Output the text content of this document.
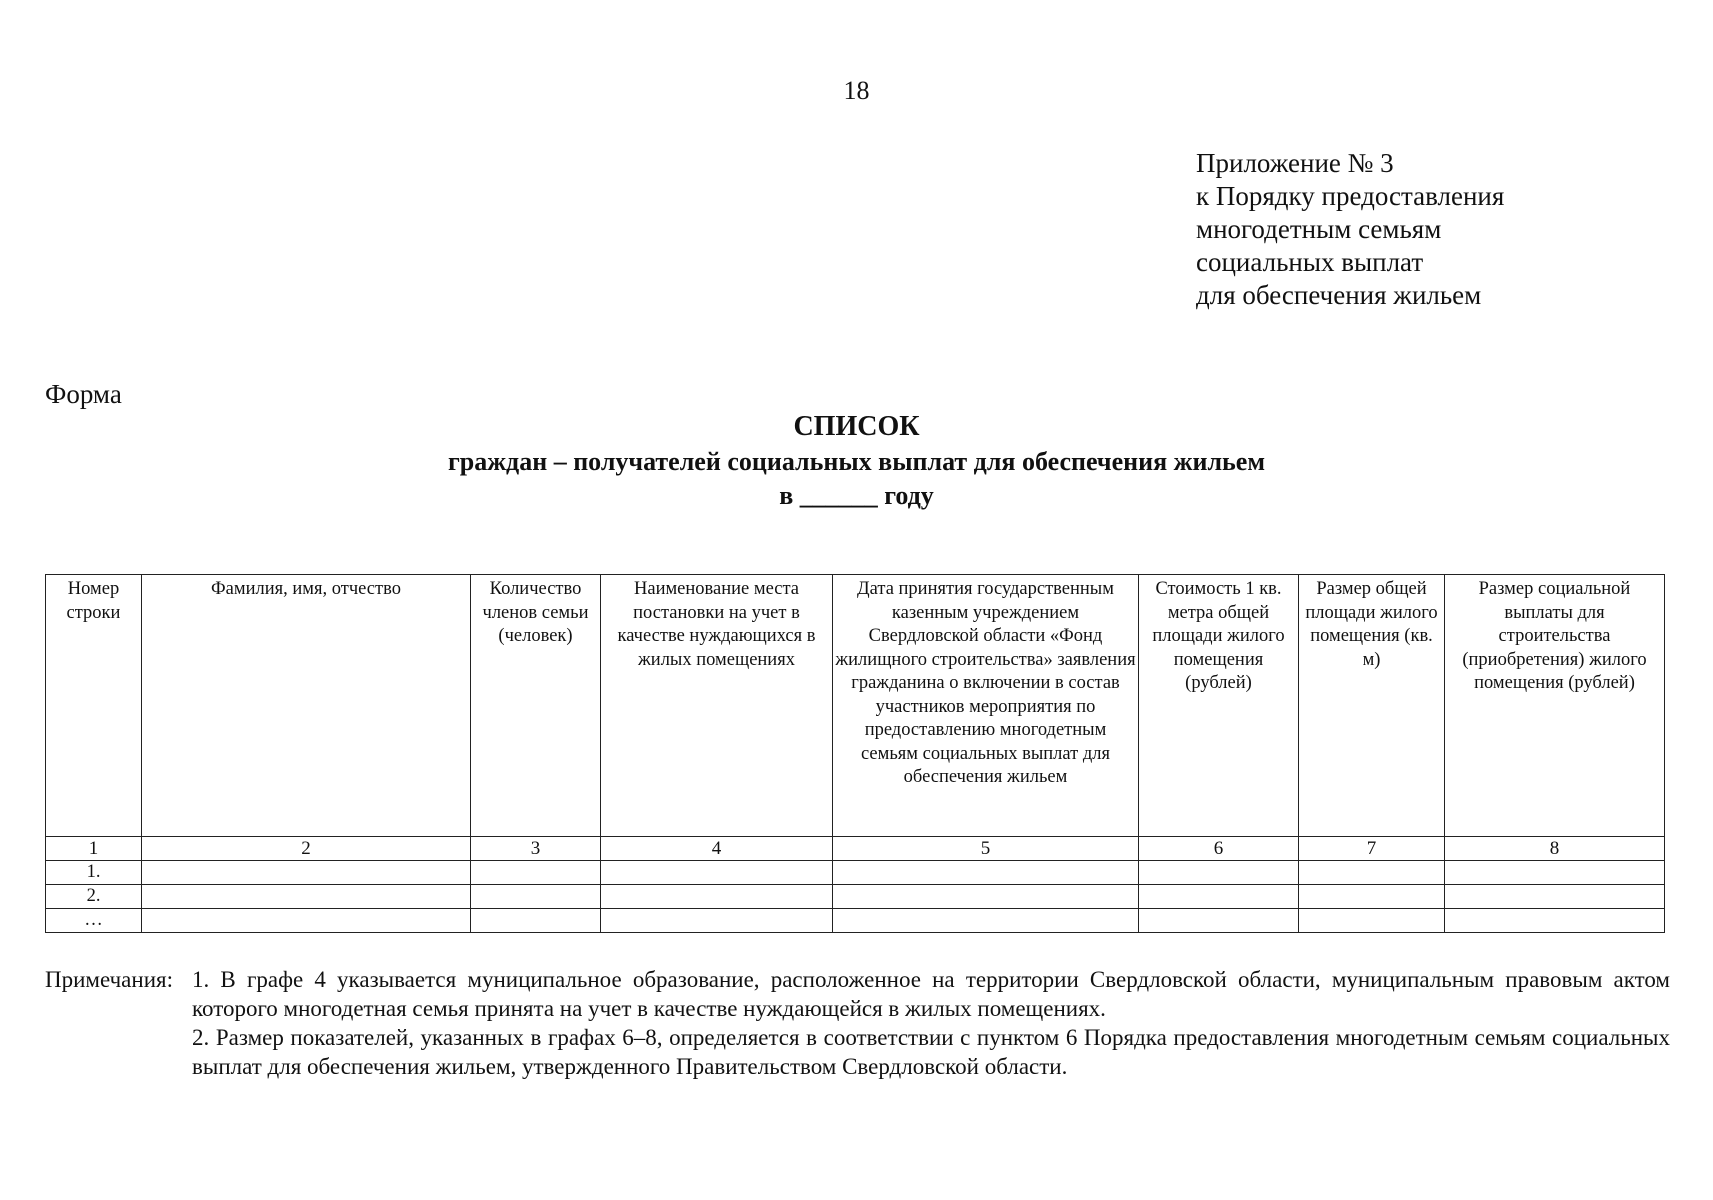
18
Приложение № 3
к Порядку предоставления
многодетным семьям
социальных выплат
для обеспечения жильем
Форма
СПИСОК
граждан – получателей социальных выплат для обеспечения жильем
в ______ году
Номер строки	Фамилия, имя, отчество	Количество членов семьи (человек)	Наименование места постановки на учет в качестве нуждающихся в жилых помещениях	Дата принятия государственным казенным учреждением Свердловской области «Фонд жилищного строительства» заявления гражданина о включении в состав участников мероприятия по предоставлению многодетным семьям социальных выплат для обеспечения жильем	Стоимость 1 кв. метра общей площади жилого помещения (рублей)	Размер общей площади жилого помещения (кв. м)	Размер социальной выплаты для строительства (приобретения) жилого помещения (рублей)
1	2	3	4	5	6	7	8
1.							
2.							
…							
Примечания: 1. В графе 4 указывается муниципальное образование, расположенное на территории Свердловской области, муниципальным правовым актом которого многодетная семья принята на учет в качестве нуждающейся в жилых помещениях.

2. Размер показателей, указанных в графах 6–8, определяется в соответствии с пунктом 6 Порядка предоставления многодетным семьям социальных выплат для обеспечения жильем, утвержденного Правительством Свердловской области.
